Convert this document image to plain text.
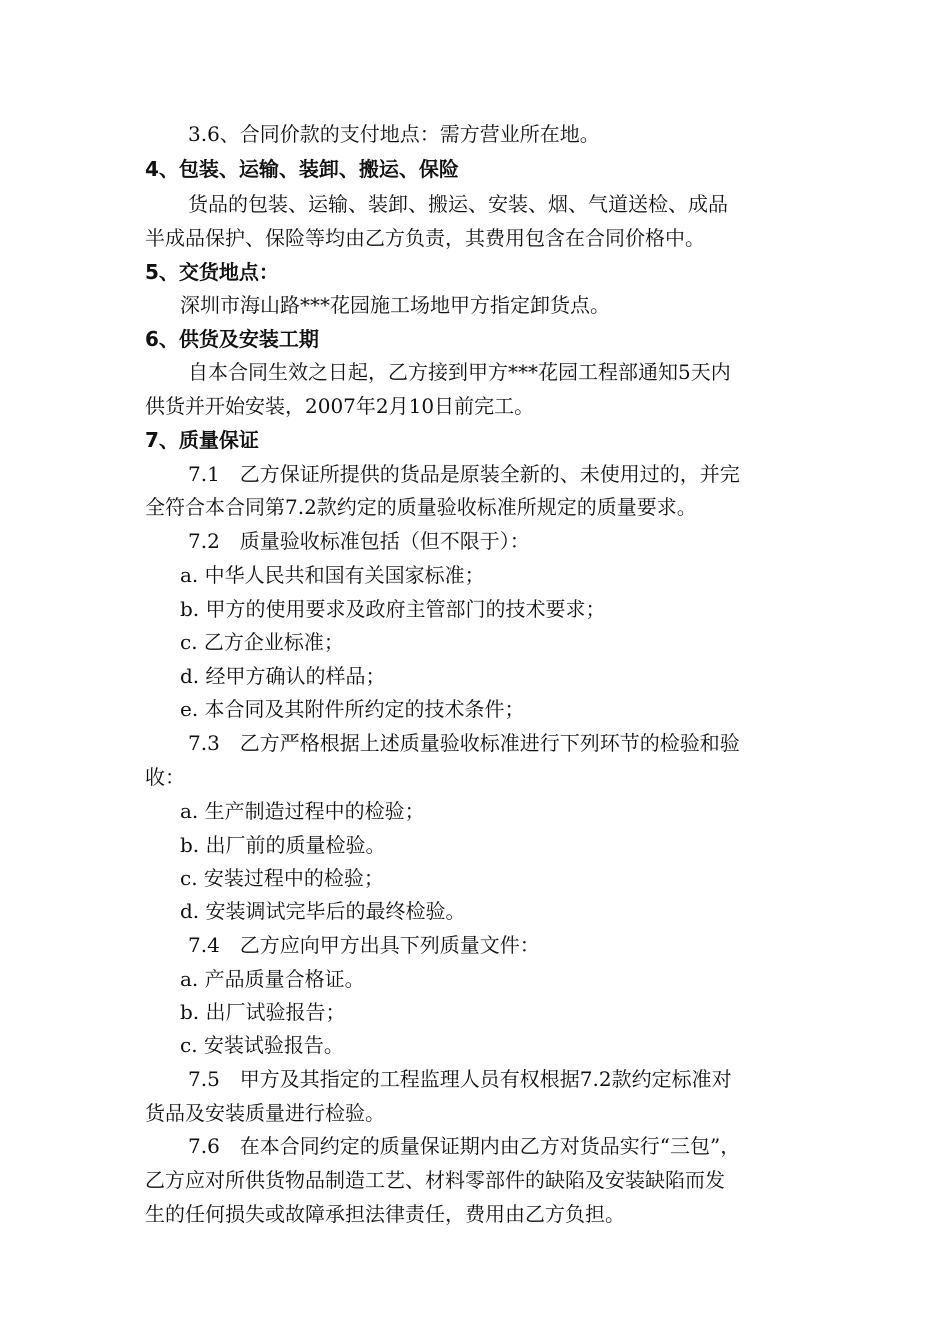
3.6、合同价款的支付地点：需方营业所在地。
4、包装、运输、装卸、搬运、保险
货品的包装、运输、装卸、搬运、安装、烟、气道送检、成品
半成品保护、保险等均由乙方负责，其费用包含在合同价格中。
5、交货地点：
深圳市海山路***花园施工场地甲方指定卸货点。
6、供货及安装工期
自本合同生效之日起，乙方接到甲方***花园工程部通知5天内
供货并开始安装，2007年2月10日前完工。
7、质量保证
7.1　乙方保证所提供的货品是原装全新的、未使用过的，并完
全符合本合同第7.2款约定的质量验收标准所规定的质量要求。
7.2　质量验收标准包括（但不限于）：
a. 中华人民共和国有关国家标准；
b. 甲方的使用要求及政府主管部门的技术要求；
c. 乙方企业标准；
d. 经甲方确认的样品；
e. 本合同及其附件所约定的技术条件；
7.3　乙方严格根据上述质量验收标准进行下列环节的检验和验
收：
a. 生产制造过程中的检验；
b. 出厂前的质量检验。
c. 安装过程中的检验；
d. 安装调试完毕后的最终检验。
7.4　乙方应向甲方出具下列质量文件：
a. 产品质量合格证。
b. 出厂试验报告；
c. 安装试验报告。
7.5　甲方及其指定的工程监理人员有权根据7.2款约定标准对
货品及安装质量进行检验。
7.6　在本合同约定的质量保证期内由乙方对货品实行“三包”，
乙方应对所供货物品制造工艺、材料零部件的缺陷及安装缺陷而发
生的任何损失或故障承担法律责任，费用由乙方负担。
